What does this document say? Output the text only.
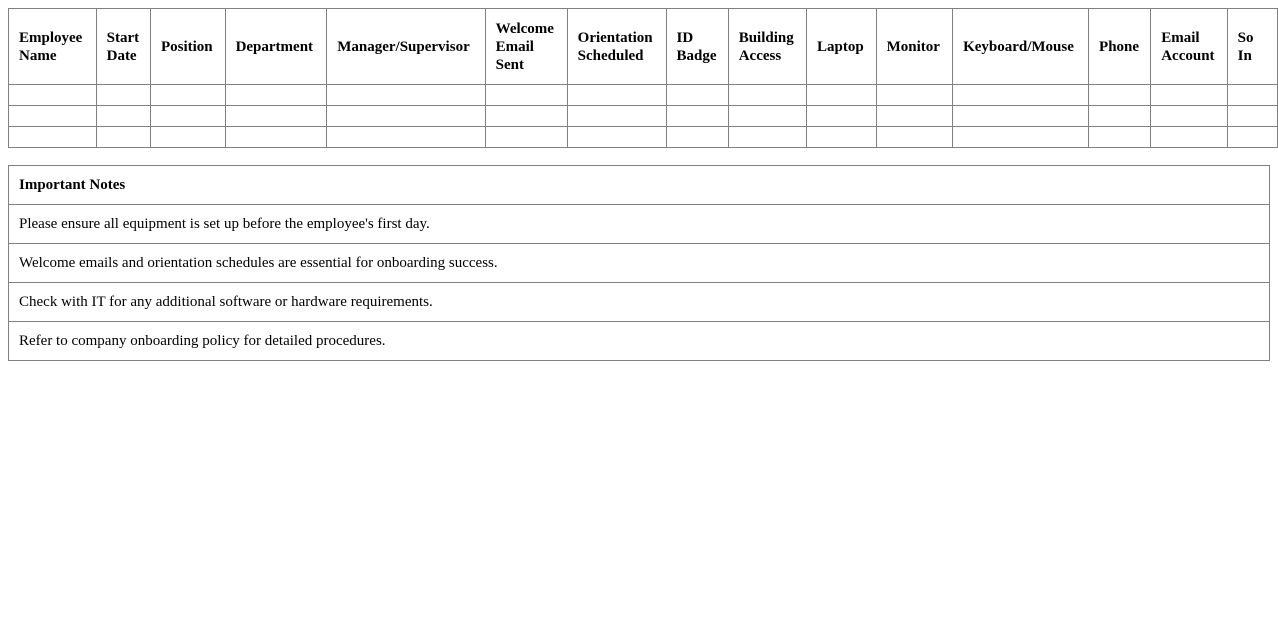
Employee Name	Start Date	Position	Department	Manager/Supervisor	Welcome Email Sent	Orientation Scheduled	ID Badge	Building Access	Laptop	Monitor	Keyboard/Mouse	Phone	Email Account	So In

Important Notes
Please ensure all equipment is set up before the employee's first day.
Welcome emails and orientation schedules are essential for onboarding success.
Check with IT for any additional software or hardware requirements.
Refer to company onboarding policy for detailed procedures.
